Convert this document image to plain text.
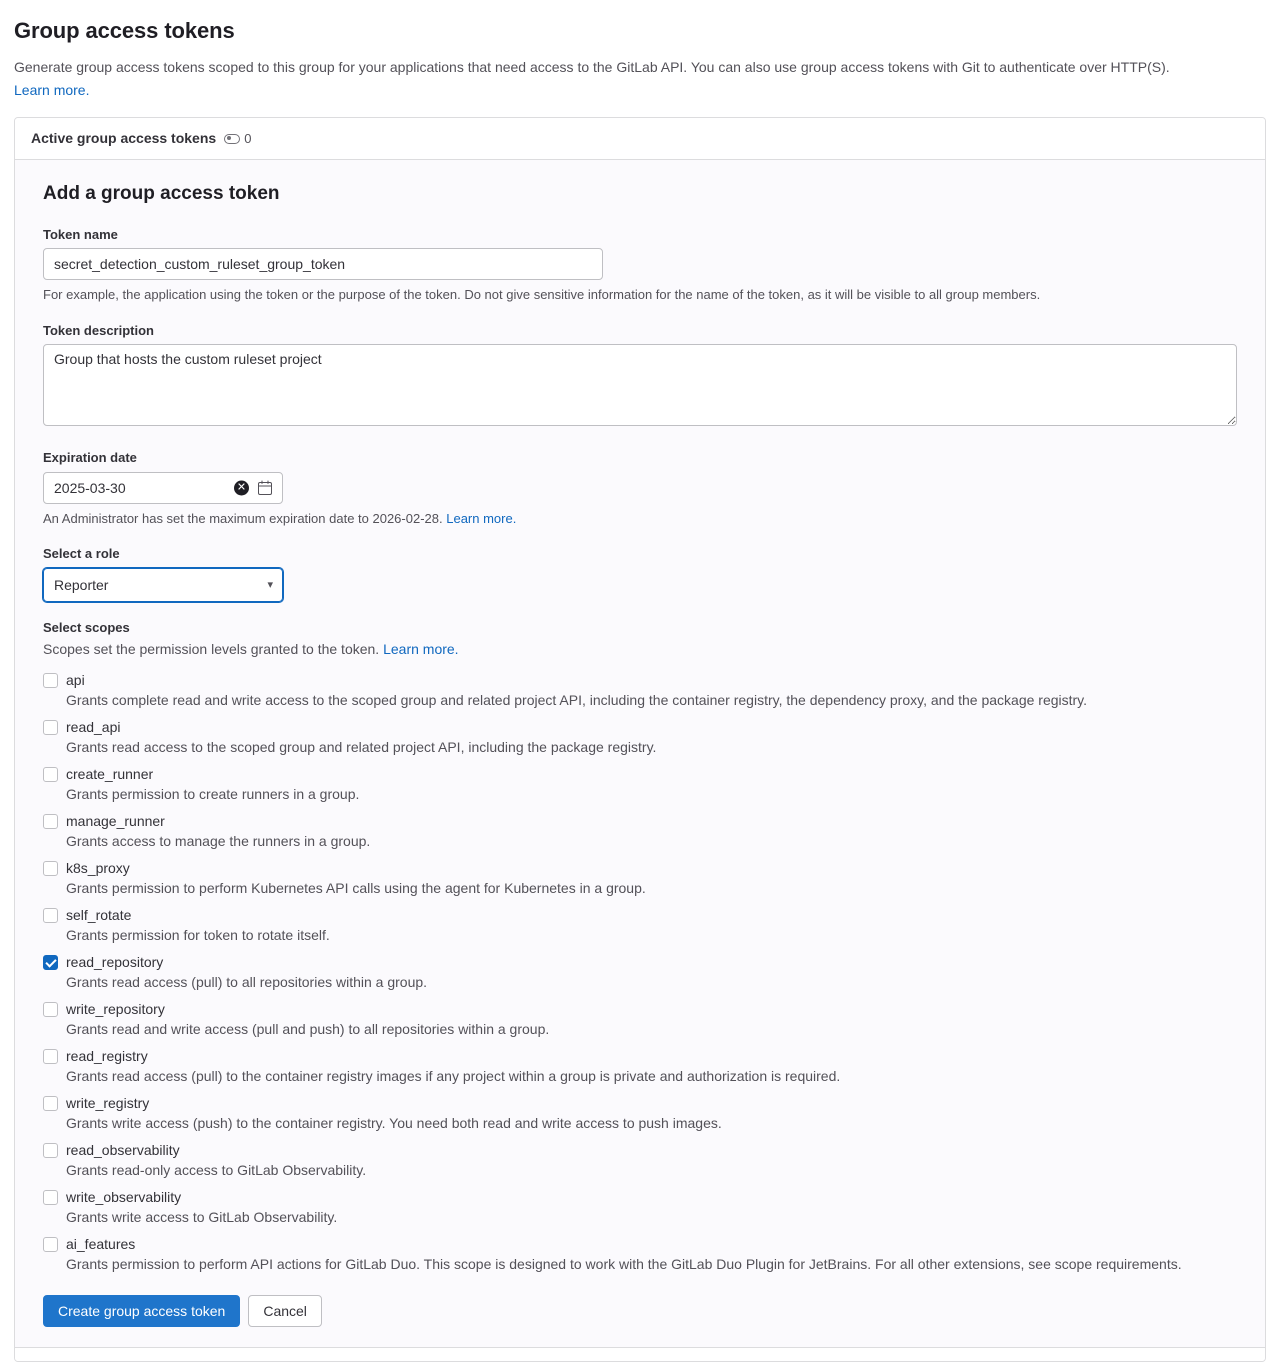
Group access tokens

Generate group access tokens scoped to this group for your applications that need access to the GitLab API. You can also use group access tokens with Git to authenticate over HTTP(S).

Learn more.
Active group access tokens 0
Add a group access token
Token name
secret_detection_custom_ruleset_group_token
For example, the application using the token or the purpose of the token. Do not give sensitive information for the name of the token, as it will be visible to all group members.
Token description
Group that hosts the custom ruleset project
Expiration date
2025-03-30
✕
An Administrator has set the maximum expiration date to 2026-02-28. Learn more.
Select a role
Reporter
▾
Select scopes
Scopes set the permission levels granted to the token. Learn more.
api
Grants complete read and write access to the scoped group and related project API, including the container registry, the dependency proxy, and the package registry.
read_api
Grants read access to the scoped group and related project API, including the package registry.
create_runner
Grants permission to create runners in a group.
manage_runner
Grants access to manage the runners in a group.
k8s_proxy
Grants permission to perform Kubernetes API calls using the agent for Kubernetes in a group.
self_rotate
Grants permission for token to rotate itself.
read_repository
Grants read access (pull) to all repositories within a group.
write_repository
Grants read and write access (pull and push) to all repositories within a group.
read_registry
Grants read access (pull) to the container registry images if any project within a group is private and authorization is required.
write_registry
Grants write access (push) to the container registry. You need both read and write access to push images.
read_observability
Grants read-only access to GitLab Observability.
write_observability
Grants write access to GitLab Observability.
ai_features
Grants permission to perform API actions for GitLab Duo. This scope is designed to work with the GitLab Duo Plugin for JetBrains. For all other extensions, see scope requirements.
Create group access token	Cancel
